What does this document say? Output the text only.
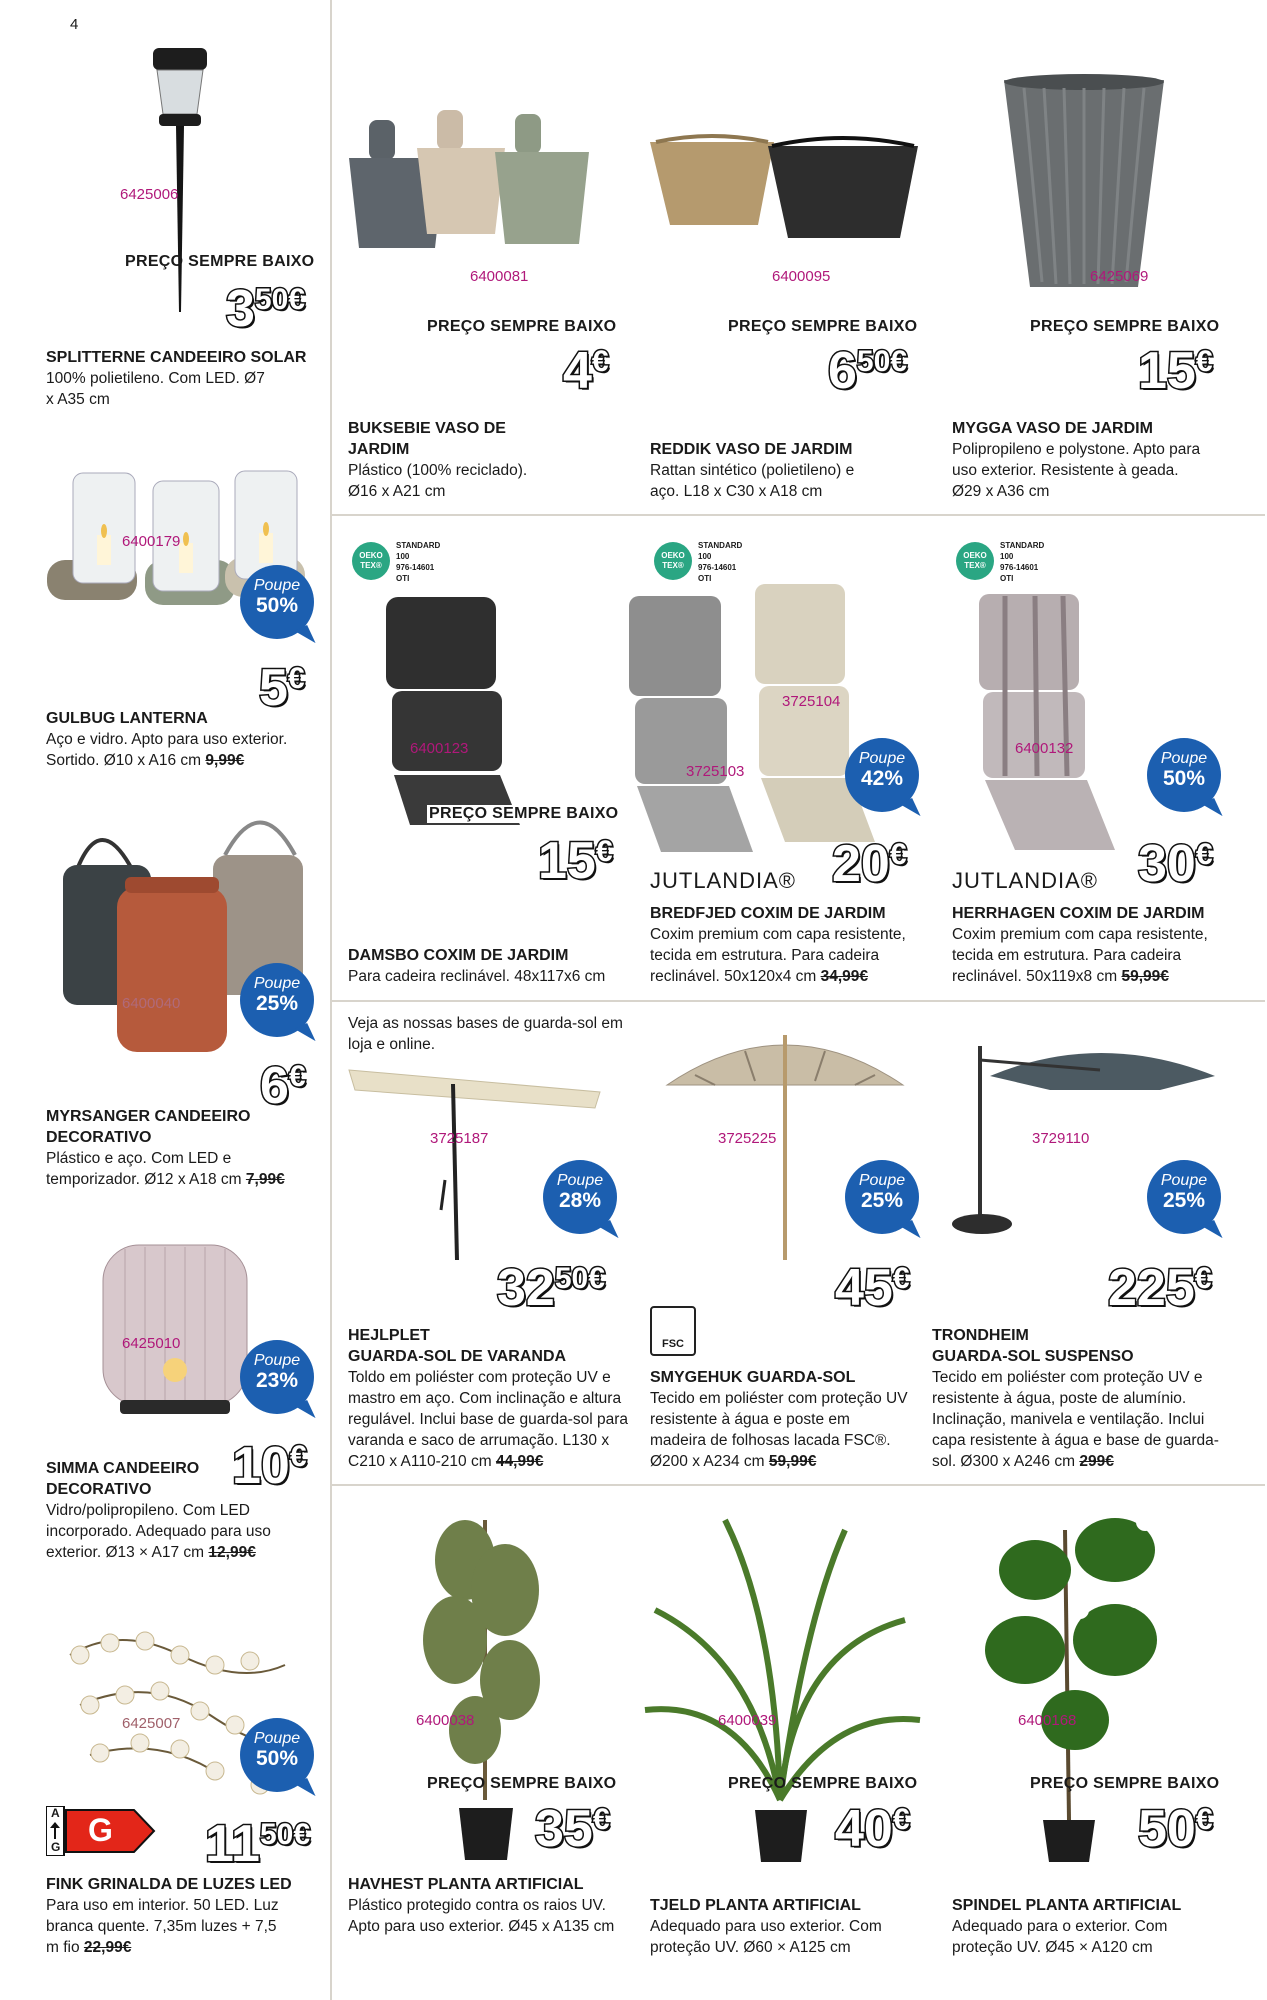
4
6425006
PREÇO SEMPRE BAIXO
350€
SPLITTERNE CANDEEIRO SOLAR
100% polietileno. Com LED. Ø7 x A35 cm
6400179
Poupe
50%
5€
GULBUG LANTERNA
Aço e vidro. Apto para uso exterior. Sortido. Ø10 x A16 cm 9,99€
6400040
Poupe
25%
6€
MYRSANGER CANDEEIRO DECORATIVO
Plástico e aço. Com LED e temporizador. Ø12 x A18 cm 7,99€
6425010
Poupe
23%
10€
SIMMA CANDEEIRO DECORATIVO
Vidro/polipropileno. Com LED incorporado. Adequado para uso exterior. Ø13 × A17 cm 12,99€
6425007
Poupe
50%
A
G G 1150€
FINK GRINALDA DE LUZES LED
Para uso em interior. 50 LED. Luz branca quente. 7,35m luzes + 7,5 m fio 22,99€
6400081
PREÇO SEMPRE BAIXO
4€
BUKSEBIE VASO DE JARDIM
Plástico (100% reciclado). Ø16 x A21 cm
6400095
PREÇO SEMPRE BAIXO
650€
REDDIK VASO DE JARDIM
Rattan sintético (polietileno) e aço. L18 x C30 x A18 cm
6425069
PREÇO SEMPRE BAIXO
15€
MYGGA VASO DE JARDIM
Polipropileno e polystone. Apto para uso exterior. Resistente à geada. Ø29 x A36 cm
OEKO TEX®
STANDARD
100
976-14601
OTI
6400123
PREÇO SEMPRE BAIXO
15€
DAMSBO COXIM DE JARDIM
Para cadeira reclinável. 48x117x6 cm
OEKO TEX®
STANDARD
100
976-14601
OTI
3725103
3725104
Poupe
42%
JUTLANDIA® 20€
BREDFJED COXIM DE JARDIM
Coxim premium com capa resistente, tecida em estrutura. Para cadeira reclinável. 50x120x4 cm 34,99€
OEKO TEX®
STANDARD
100
976-14601
OTI
6400132
Poupe
50%
JUTLANDIA® 30€
HERRHAGEN COXIM DE JARDIM
Coxim premium com capa resistente, tecida em estrutura. Para cadeira reclinável. 50x119x8 cm 59,99€
Veja as nossas bases de guarda-sol em loja e online.
3725187
Poupe
28%
3250€
HEJLPLET
GUARDA-SOL DE VARANDA
Toldo em poliéster com proteção UV e mastro em aço. Com inclinação e altura regulável. Inclui base de guarda-sol para varanda e saco de arrumação. L130 x C210 x A110-210 cm 44,99€
3725225
Poupe
25%
45€
FSC
SMYGEHUK GUARDA-SOL
Tecido em poliéster com proteção UV resistente à água e poste em madeira de folhosas lacada FSC®. Ø200 x A234 cm 59,99€
3729110
Poupe
25%
225€
TRONDHEIM
GUARDA-SOL SUSPENSO
Tecido em poliéster com proteção UV e resistente à água, poste de alumínio. Inclinação, manivela e ventilação. Inclui capa resistente à água e base de guarda-sol. Ø300 x A246 cm 299€
6400038
PREÇO SEMPRE BAIXO
35€
HAVHEST PLANTA ARTIFICIAL
Plástico protegido contra os raios UV. Apto para uso exterior. Ø45 x A135 cm
6400039
PREÇO SEMPRE BAIXO
40€
TJELD PLANTA ARTIFICIAL
Adequado para uso exterior. Com proteção UV. Ø60 × A125 cm
6400168
PREÇO SEMPRE BAIXO
50€
SPINDEL PLANTA ARTIFICIAL
Adequado para o exterior. Com proteção UV. Ø45 × A120 cm
